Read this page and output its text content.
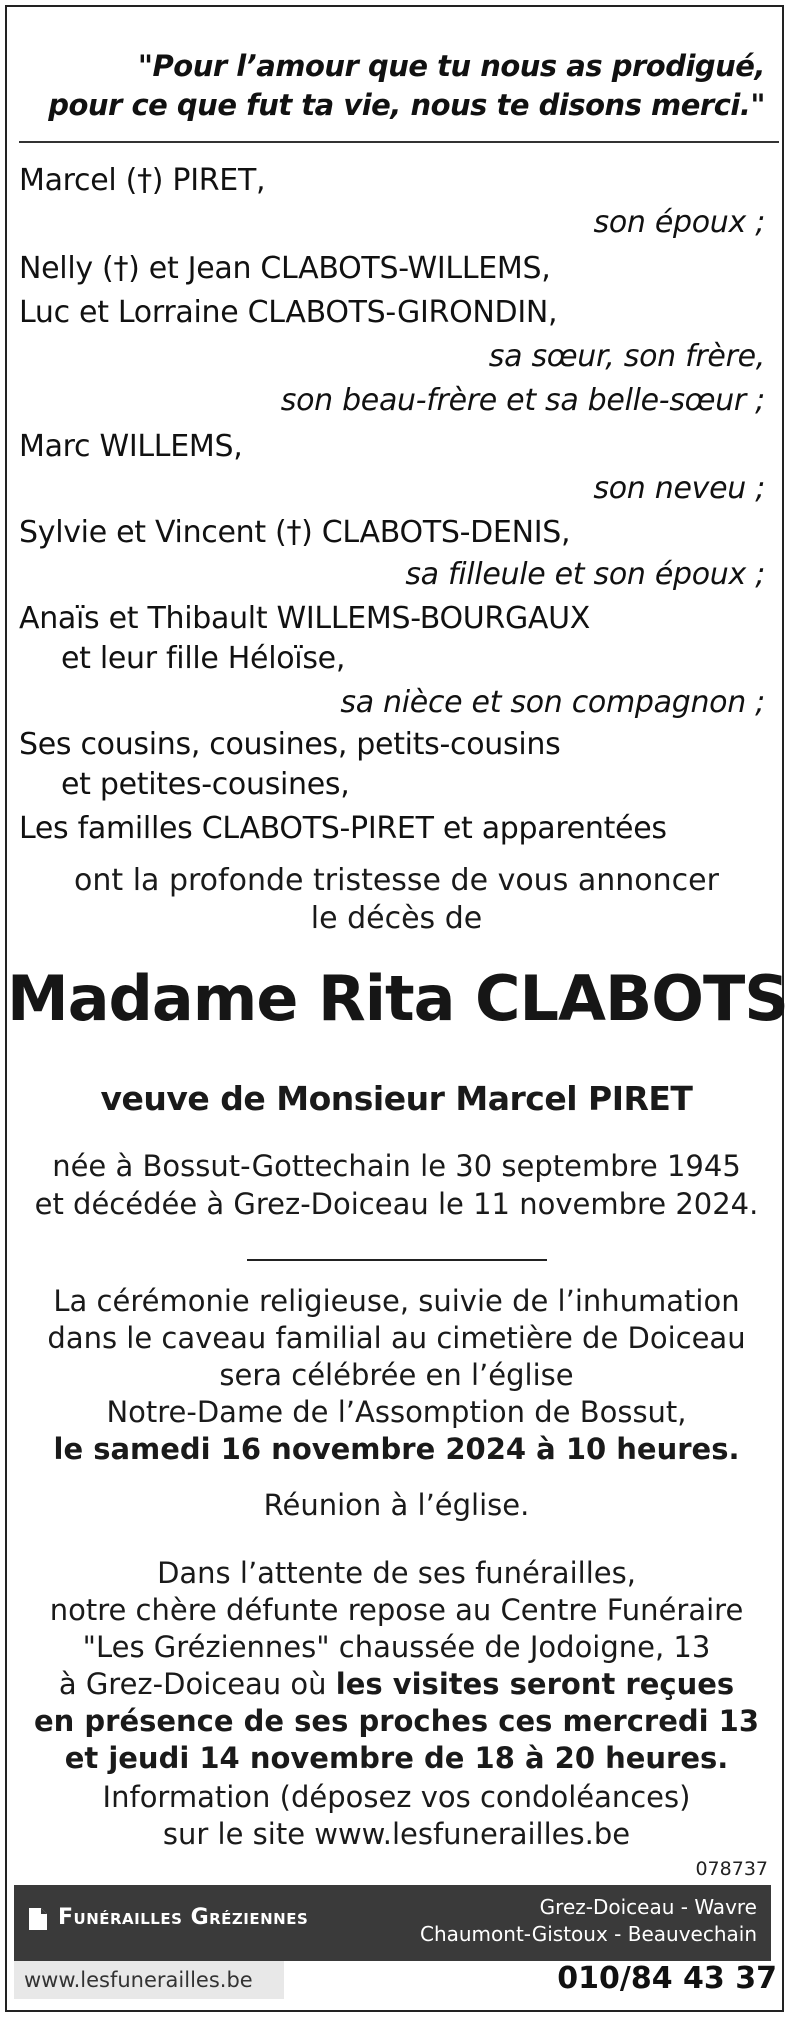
"Pour l’amour que tu nous as prodigué,
pour ce que fut ta vie, nous te disons merci."
Marcel (†) PIRET,
son époux ;
Nelly (†) et Jean CLABOTS-WILLEMS,
Luc et Lorraine CLABOTS-GIRONDIN,
sa sœur, son frère,
son beau-frère et sa belle-sœur ;
Marc WILLEMS,
son neveu ;
Sylvie et Vincent (†) CLABOTS-DENIS,
sa filleule et son époux ;
Anaïs et Thibault WILLEMS-BOURGAUX
et leur fille Héloïse,
sa nièce et son compagnon ;
Ses cousins, cousines, petits-cousins
et petites-cousines,
Les familles CLABOTS-PIRET et apparentées
ont la profonde tristesse de vous annoncer
le décès de
Madame Rita CLABOTS
veuve de Monsieur Marcel PIRET
née à Bossut-Gottechain le 30 septembre 1945
et décédée à Grez-Doiceau le 11 novembre 2024.
La cérémonie religieuse, suivie de l’inhumation
dans le caveau familial au cimetière de Doiceau
sera célébrée en l’église
Notre-Dame de l’Assomption de Bossut,
le samedi 16 novembre 2024 à 10 heures.
Réunion à l’église.
Dans l’attente de ses funérailles,
notre chère défunte repose au Centre Funéraire
"Les Gréziennes" chaussée de Jodoigne, 13
à Grez-Doiceau où les visites seront reçues
en présence de ses proches ces mercredi 13
et jeudi 14 novembre de 18 à 20 heures.
Information (déposez vos condoléances)
sur le site www.lesfunerailles.be
078737
Funérailles Gréziennes	Grez-Doiceau - Wavre
Chaumont-Gistoux - Beauvechain
www.lesfunerailles.be	010/84 43 37
